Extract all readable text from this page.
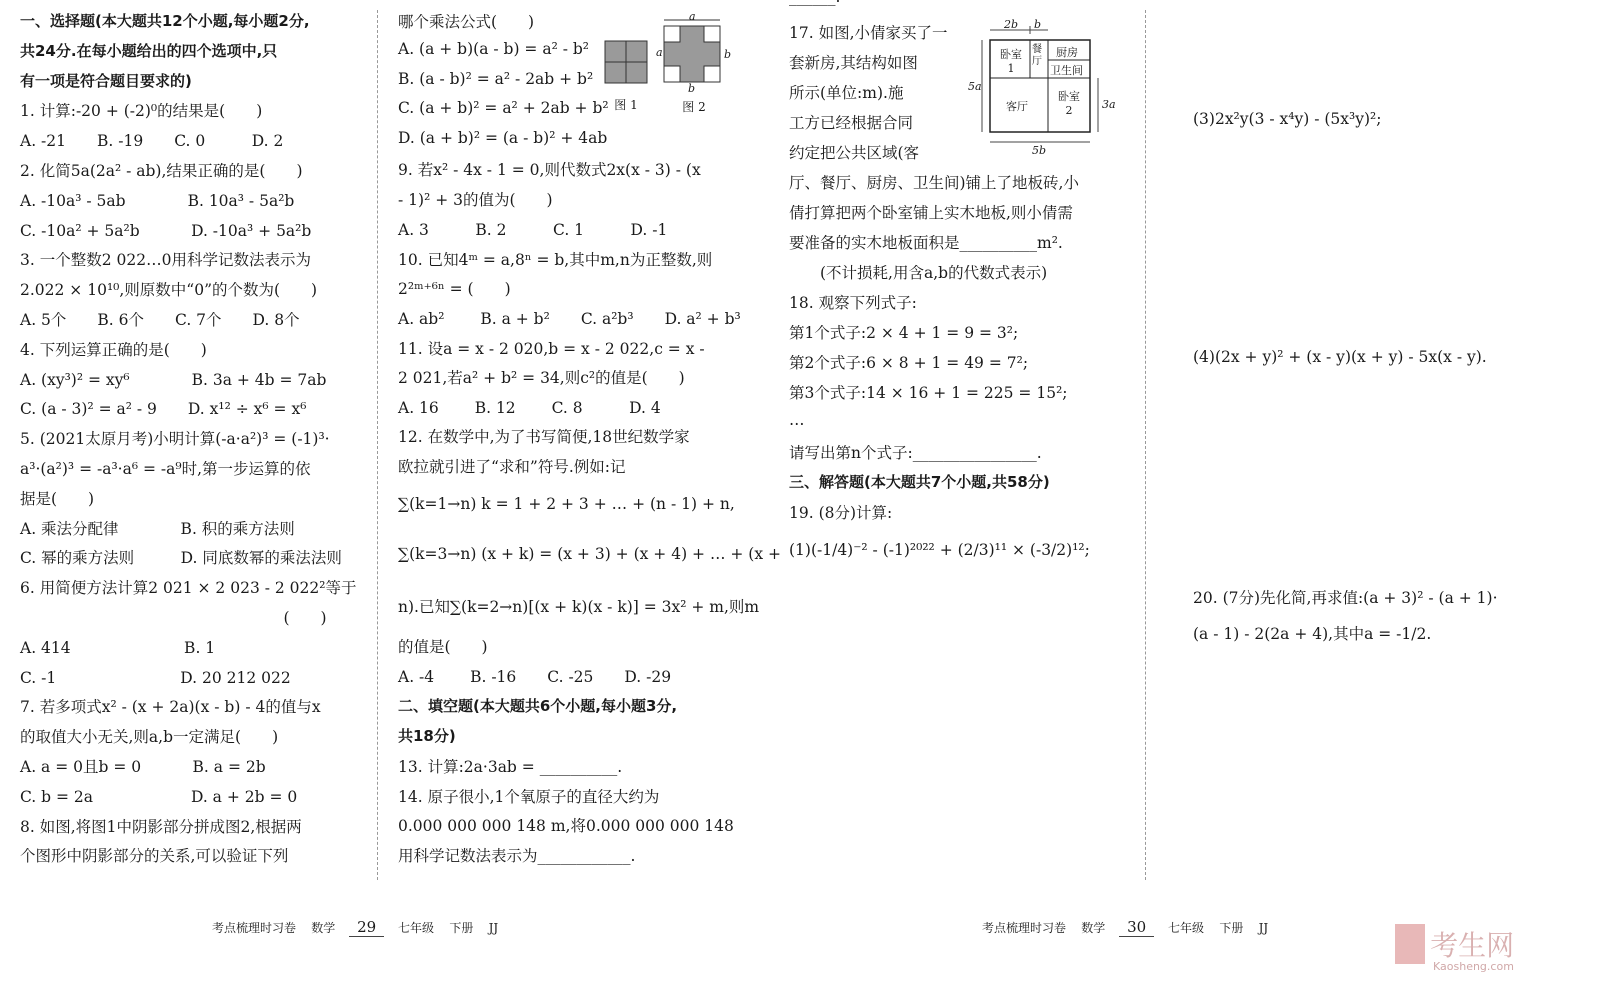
一、选择题(本大题共12个小题,每小题2分,
共24分.在每小题给出的四个选项中,只
有一项是符合题目要求的)
1. 计算:-20 + (-2)⁰的结果是(　　)
A. -21　　B. -19　　C. 0　　　D. 2
2. 化简5a(2a² - ab),结果正确的是(　　)
A. -10a³ - 5ab　　　　B. 10a³ - 5a²b
C. -10a² + 5a²b　　　 D. -10a³ + 5a²b
3. 一个整数2 022…0用科学记数法表示为
2.022 × 10¹⁰,则原数中“0”的个数为(　　)
A. 5个　　B. 6个　　C. 7个　　D. 8个
4. 下列运算正确的是(　　)
A. (xy³)² = xy⁶　　　　B. 3a + 4b = 7ab
C. (a - 3)² = a² - 9　　D. x¹² ÷ x⁶ = x⁶
5. (2021太原月考)小明计算(-a·a²)³ = (-1)³·
a³·(a²)³ = -a³·a⁶ = -a⁹时,第一步运算的依
据是(　　)
A. 乘法分配律　　　　B. 积的乘方法则
C. 幂的乘方法则　　　D. 同底数幂的乘法法则
6. 用简便方法计算2 021 × 2 023 - 2 022²等于
　　　　　　　　　　　　　　　　　(　　)
A. 414　　　　　　　 B. 1
C. -1　　　　　　　　D. 20 212 022
7. 若多项式x² - (x + 2a)(x - b) - 4的值与x
的取值大小无关,则a,b一定满足(　　)
A. a = 0且b = 0　　　 B. a = 2b
C. b = 2a　　　　　　 D. a + 2b = 0
8. 如图,将图1中阴影部分拼成图2,根据两
个图形中阴影部分的关系,可以验证下列
哪个乘法公式(　　)
A. (a + b)(a - b) = a² - b²
B. (a - b)² = a² - 2ab + b²
C. (a + b)² = a² + 2ab + b²
D. (a + b)² = (a - b)² + 4ab
9. 若x² - 4x - 1 = 0,则代数式2x(x - 3) - (x
- 1)² + 3的值为(　　)
A. 3　　　B. 2　　　C. 1　　　D. -1
10. 已知4ᵐ = a,8ⁿ = b,其中m,n为正整数,则
2²ᵐ⁺⁶ⁿ = (　　)
A. ab²　　 B. a + b²　　C. a²b³　　D. a² + b³
11. 设a = x - 2 020,b = x - 2 022,c = x -
2 021,若a² + b² = 34,则c²的值是(　　)
A. 16　　 B. 12　　 C. 8　　　D. 4
12. 在数学中,为了书写简便,18世纪数学家
欧拉就引进了“求和”符号.例如:记
∑(k=1→n) k = 1 + 2 + 3 + … + (n - 1) + n,
∑(k=3→n) (x + k) = (x + 3) + (x + 4) + … + (x +
n).已知∑(k=2→n)[(x + k)(x - k)] = 3x² + m,则m
的值是(　　)
A. -4　　 B. -16　　C. -25　　D. -29
二、填空题(本大题共6个小题,每小题3分,
共18分)
13. 计算:2a·3ab = __________.
14. 原子很小,1个氧原子的直径大约为
0.000 000 000 148 m,将0.000 000 000 148
用科学记数法表示为____________.
图 1
a
a	b
b
图 2
考点梳理时习卷 数学 29 七年级 下册 JJ
17. 如图,小倩家买了一
套新房,其结构如图
所示(单位:m).施
工方已经根据合同
约定把公共区域(客
厅、餐厅、厨房、卫生间)铺上了地板砖,小
倩打算把两个卧室铺上实木地板,则小倩需
要准备的实木地板面积是__________m².
　　(不计损耗,用含a,b的代数式表示)
18. 观察下列式子:
第1个式子:2 × 4 + 1 = 9 = 3²;
第2个式子:6 × 8 + 1 = 49 = 7²;
第3个式子:14 × 16 + 1 = 225 = 15²;
…
请写出第n个式子:________________.
三、解答题(本大题共7个小题,共58分)
19. (8分)计算:
(1)(-1/4)⁻² - (-1)²⁰²² + (2/3)¹¹ × (-3/2)¹²;
2b b
5a
3a
5b
卧室 1
餐厅
厨房
卫生间
客厅
卧室 2	(3)2x²y(3 - x⁴y) - (5x³y)²;
(4)(2x + y)² + (x - y)(x + y) - 5x(x - y).
20. (7分)先化简,再求值:(a + 3)² - (a + 1)·
(a - 1) - 2(2a + 4),其中a = -1/2.
考点梳理时习卷 数学 30 七年级 下册 JJ
考生网
Kaosheng.com
